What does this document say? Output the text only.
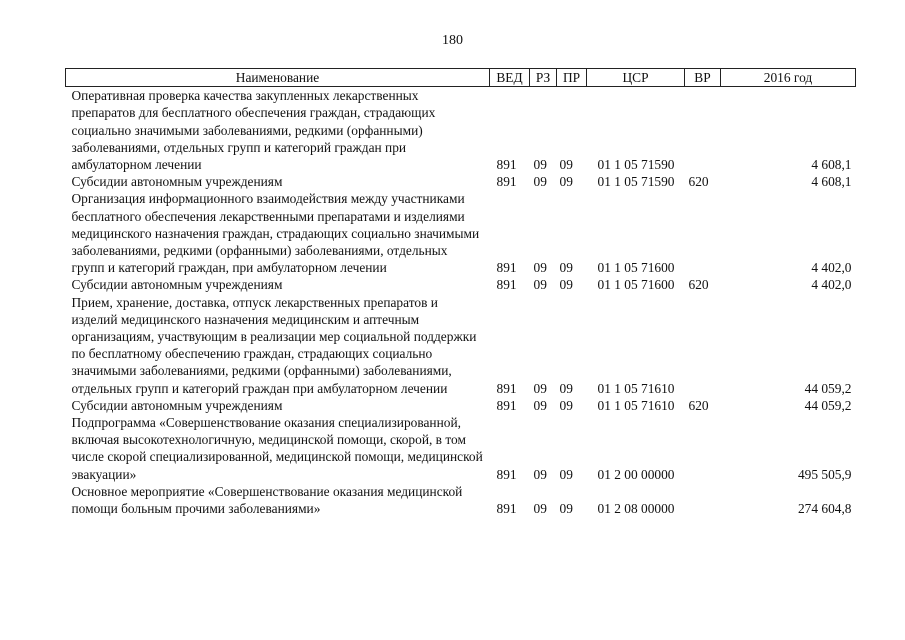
180
Наименование	ВЕД	РЗ	ПР	ЦСР	ВР	2016 год
Оперативная проверка качества закупленных лекарственных препаратов для бесплатного обеспечения граждан, страдающих социально значимыми заболеваниями, редкими (орфанными) заболеваниями, отдельных групп и категорий граждан при амбулаторном лечении	891	09	09	01 1 05 71590		4 608,1
Субсидии автономным учреждениям	891	09	09	01 1 05 71590	620	4 608,1
Организация информационного взаимодействия между участниками бесплатного обеспечения лекарственными препаратами и изделиями медицинского назначения граждан, страдающих социально значимыми заболеваниями, редкими (орфанными) заболеваниями, отдельных групп и категорий граждан, при амбулаторном лечении	891	09	09	01 1 05 71600		4 402,0
Субсидии автономным учреждениям	891	09	09	01 1 05 71600	620	4 402,0
Прием, хранение, доставка, отпуск лекарственных препаратов и изделий медицинского назначения медицинским и аптечным организациям, участвующим в реализации мер социальной поддержки по бесплатному обеспечению граждан, страдающих социально значимыми заболеваниями, редкими (орфанными) заболеваниями, отдельных групп и категорий граждан при амбулаторном лечении	891	09	09	01 1 05 71610		44 059,2
Субсидии автономным учреждениям	891	09	09	01 1 05 71610	620	44 059,2
Подпрограмма «Совершенствование оказания специализированной, включая высокотехнологичную, медицинской помощи, скорой, в том числе скорой специализированной, медицинской помощи, медицинской эвакуации»	891	09	09	01 2 00 00000		495 505,9
Основное мероприятие «Совершенствование оказания медицинской помощи больным прочими заболеваниями»	891	09	09	01 2 08 00000		274 604,8
